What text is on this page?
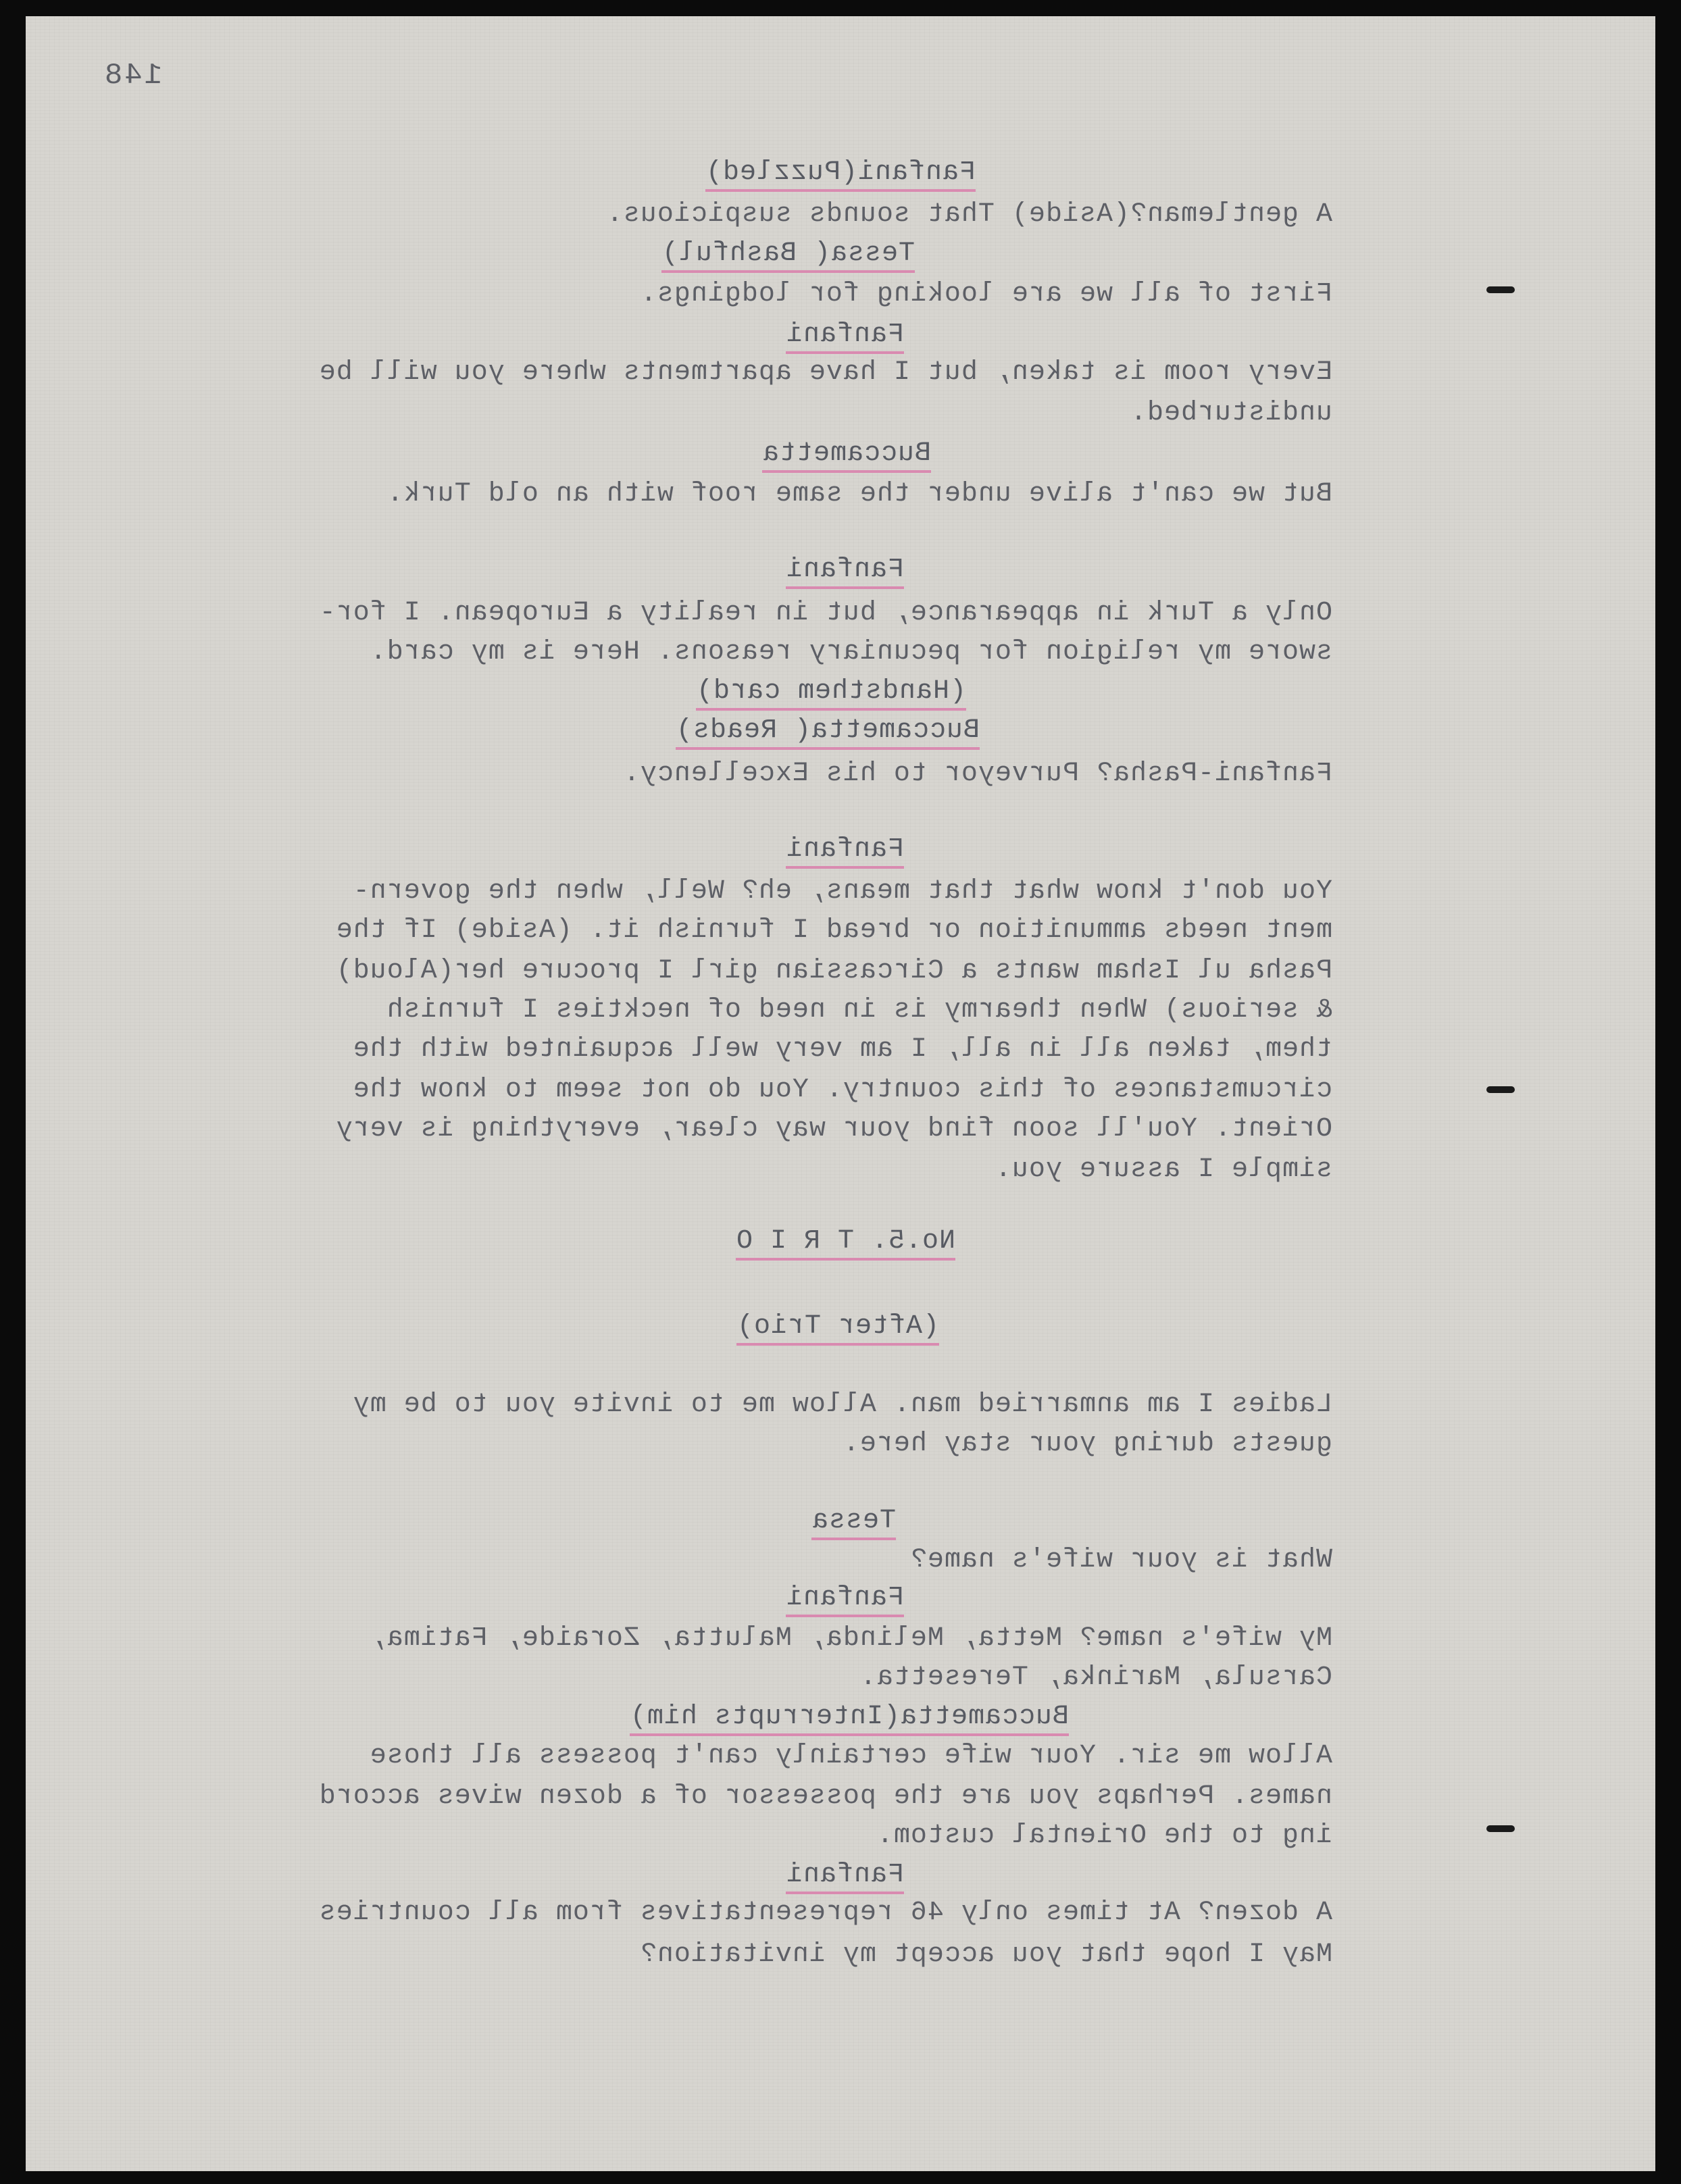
148
Fanfani(Puzzled)
A gentleman?(Aside) That sounds suspicious.
Tessa( Bashful)
First of all we are looking for lodgings.
Fanfani
Every room is taken, but I have apartments where you will be
undisturbed.
Buccametta
But we can't alive under the same roof with an old Turk.
Fanfani
Only a Turk in appearance, but in reality a European. I for-
swore my religion for pecuniary reasons. Here is my card.
(Handsthem card)
Buccametta( Reads)
Fanfani-Pasha? Purveyor to his Excellency.
Fanfani
You don't know what that means, eh? Well, when the govern-
ment needs ammunition or bread I furnish it. (Aside) If the
Pasha ul Isham wants a Circassian girl I procure her(Aloud)
& serious) When thearmy is in need of neckties I furnish
them, taken all in all, I am very well acquainted with the
circumstances of this country. You do not seem to know the
Orient. You'll soon find your way clear, everything is very
simple I assure you.
No.5. T R I O
(After Trio)
Ladies I am anmarried man. Allow me to invite you to be my
guests during your stay here.
Tessa
What is your wife's name?
Fanfani
My wife's name? Metta, Melinda, Malutta, Zoraide, Fatima,
Carsula, Marinka, Teresetta.
Buccametta(Interrupts him)
Allow me sir. Your wife certainly can't possess all those
names. Perhaps you are the possessor of a dozen wives accord
ing to the Oriental custom.
Fanfani
A dozen? At times only 46 representatives from all countries
May I hope that you accept my invitation?
